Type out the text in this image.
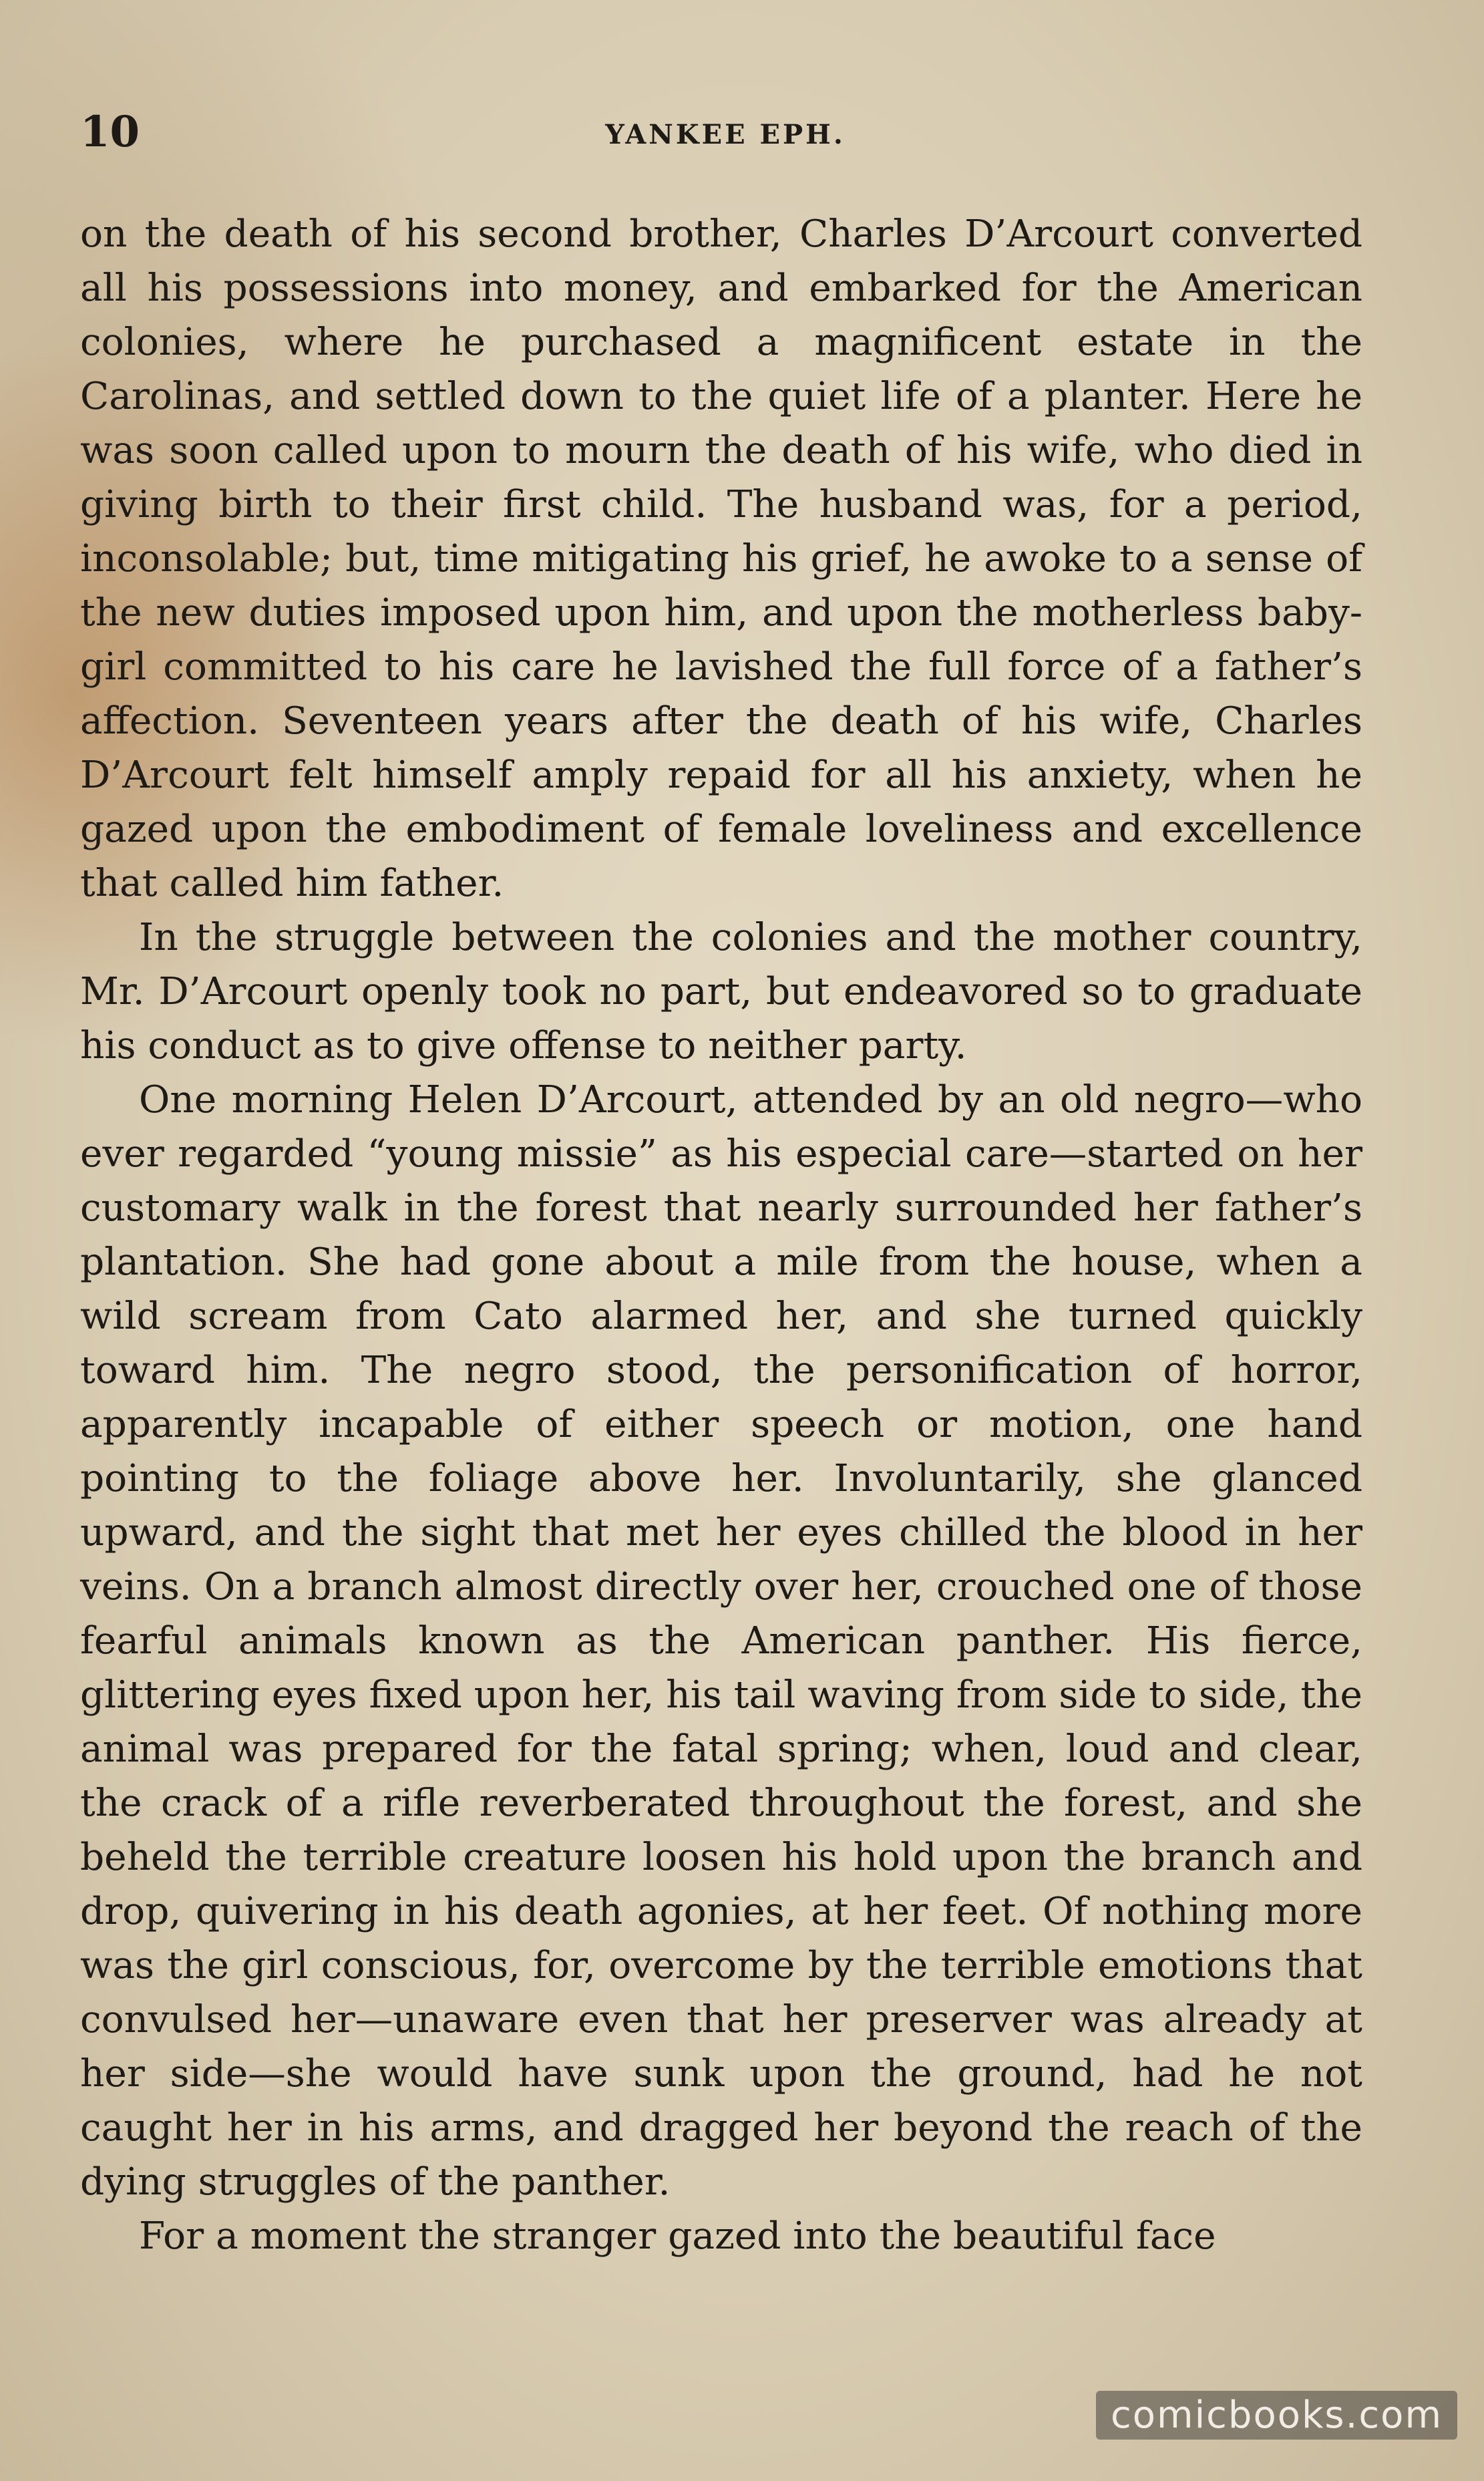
10	YANKEE EPH.

on the death of his second brother, Charles D’Arcourt converted all his possessions into money, and embarked for the American colonies, where he purchased a magnificent estate in the Carolinas, and settled down to the quiet life of a planter. Here he was soon called upon to mourn the death of his wife, who died in giving birth to their first child. The husband was, for a period, inconsolable; but, time mitigating his grief, he awoke to a sense of the new duties imposed upon him, and upon the motherless baby-girl committed to his care he lavished the full force of a father’s affection. Seventeen years after the death of his wife, Charles D’Arcourt felt himself amply repaid for all his anxiety, when he gazed upon the embodiment of female loveliness and excellence that called him father.

In the struggle between the colonies and the mother country, Mr. D’Arcourt openly took no part, but endeavored so to graduate his conduct as to give offense to neither party.

One morning Helen D’Arcourt, attended by an old negro—who ever regarded “young missie” as his especial care—started on her customary walk in the forest that nearly surrounded her father’s plantation. She had gone about a mile from the house, when a wild scream from Cato alarmed her, and she turned quickly toward him. The negro stood, the personification of horror, apparently incapable of either speech or motion, one hand pointing to the foliage above her. Involuntarily, she glanced upward, and the sight that met her eyes chilled the blood in her veins. On a branch almost directly over her, crouched one of those fearful animals known as the American panther. His fierce, glittering eyes fixed upon her, his tail waving from side to side, the animal was prepared for the fatal spring; when, loud and clear, the crack of a rifle reverberated throughout the forest, and she beheld the terrible creature loosen his hold upon the branch and drop, quivering in his death agonies, at her feet. Of nothing more was the girl conscious, for, overcome by the terrible emotions that convulsed her—unaware even that her preserver was already at her side—she would have sunk upon the ground, had he not caught her in his arms, and dragged her beyond the reach of the dying struggles of the panther.

For a moment the stranger gazed into the beautiful face

comicbooks.com
